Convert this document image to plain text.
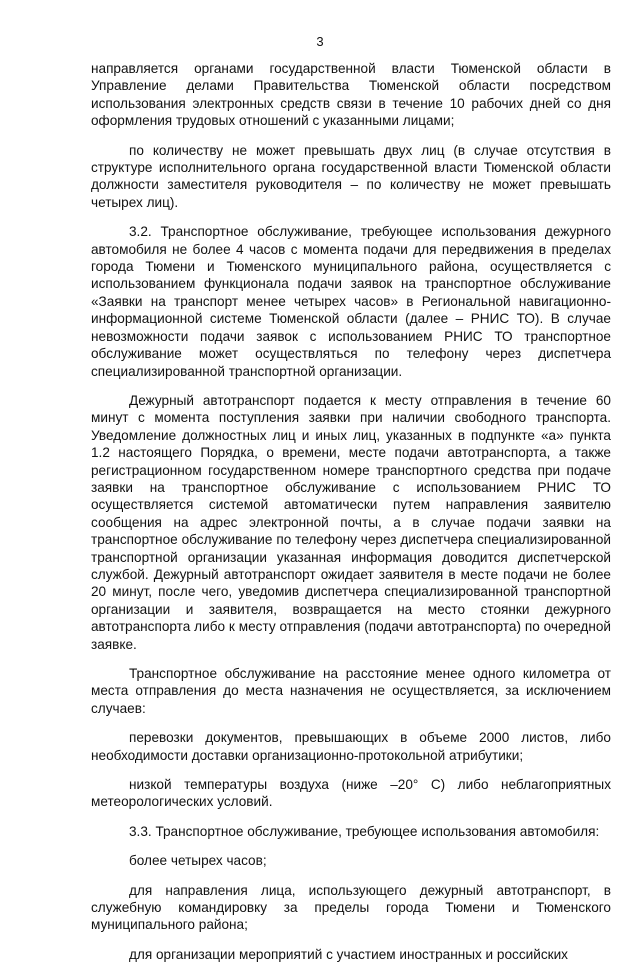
3

направляется органами государственной власти Тюменской области в Управление делами Правительства Тюменской области посредством использования электронных средств связи в течение 10 рабочих дней со дня оформления трудовых отношений с указанными лицами;

по количеству не может превышать двух лиц (в случае отсутствия в структуре исполнительного органа государственной власти Тюменской области должности заместителя руководителя – по количеству не может превышать четырех лиц).

3.2. Транспортное обслуживание, требующее использования дежурного автомобиля не более 4 часов с момента подачи для передвижения в пределах города Тюмени и Тюменского муниципального района, осуществляется с использованием функционала подачи заявок на транспортное обслуживание «Заявки на транспорт менее четырех часов» в Региональной навигационно-информационной системе Тюменской области (далее – РНИС ТО). В случае невозможности подачи заявок с использованием РНИС ТО транспортное обслуживание может осуществляться по телефону через диспетчера специализированной транспортной организации.

Дежурный автотранспорт подается к месту отправления в течение 60 минут с момента поступления заявки при наличии свободного транспорта. Уведомление должностных лиц и иных лиц, указанных в подпункте «а» пункта 1.2 настоящего Порядка, о времени, месте подачи автотранспорта, а также регистрационном государственном номере транспортного средства при подаче заявки на транспортное обслуживание с использованием РНИС ТО осуществляется системой автоматически путем направления заявителю сообщения на адрес электронной почты, а в случае подачи заявки на транспортное обслуживание по телефону через диспетчера специализированной транспортной организации указанная информация доводится диспетчерской службой. Дежурный автотранспорт ожидает заявителя в месте подачи не более 20 минут, после чего, уведомив диспетчера специализированной транспортной организации и заявителя, возвращается на место стоянки дежурного автотранспорта либо к месту отправления (подачи автотранспорта) по очередной заявке.

Транспортное обслуживание на расстояние менее одного километра от места отправления до места назначения не осуществляется, за исключением случаев:

перевозки документов, превышающих в объеме 2000 листов, либо необходимости доставки организационно-протокольной атрибутики;

низкой температуры воздуха (ниже –20° С) либо неблагоприятных метеорологических условий.

3.3. Транспортное обслуживание, требующее использования автомобиля:

более четырех часов;

для направления лица, использующего дежурный автотранспорт, в служебную командировку за пределы города Тюмени и Тюменского муниципального района;

для организации мероприятий с участием иностранных и российских
